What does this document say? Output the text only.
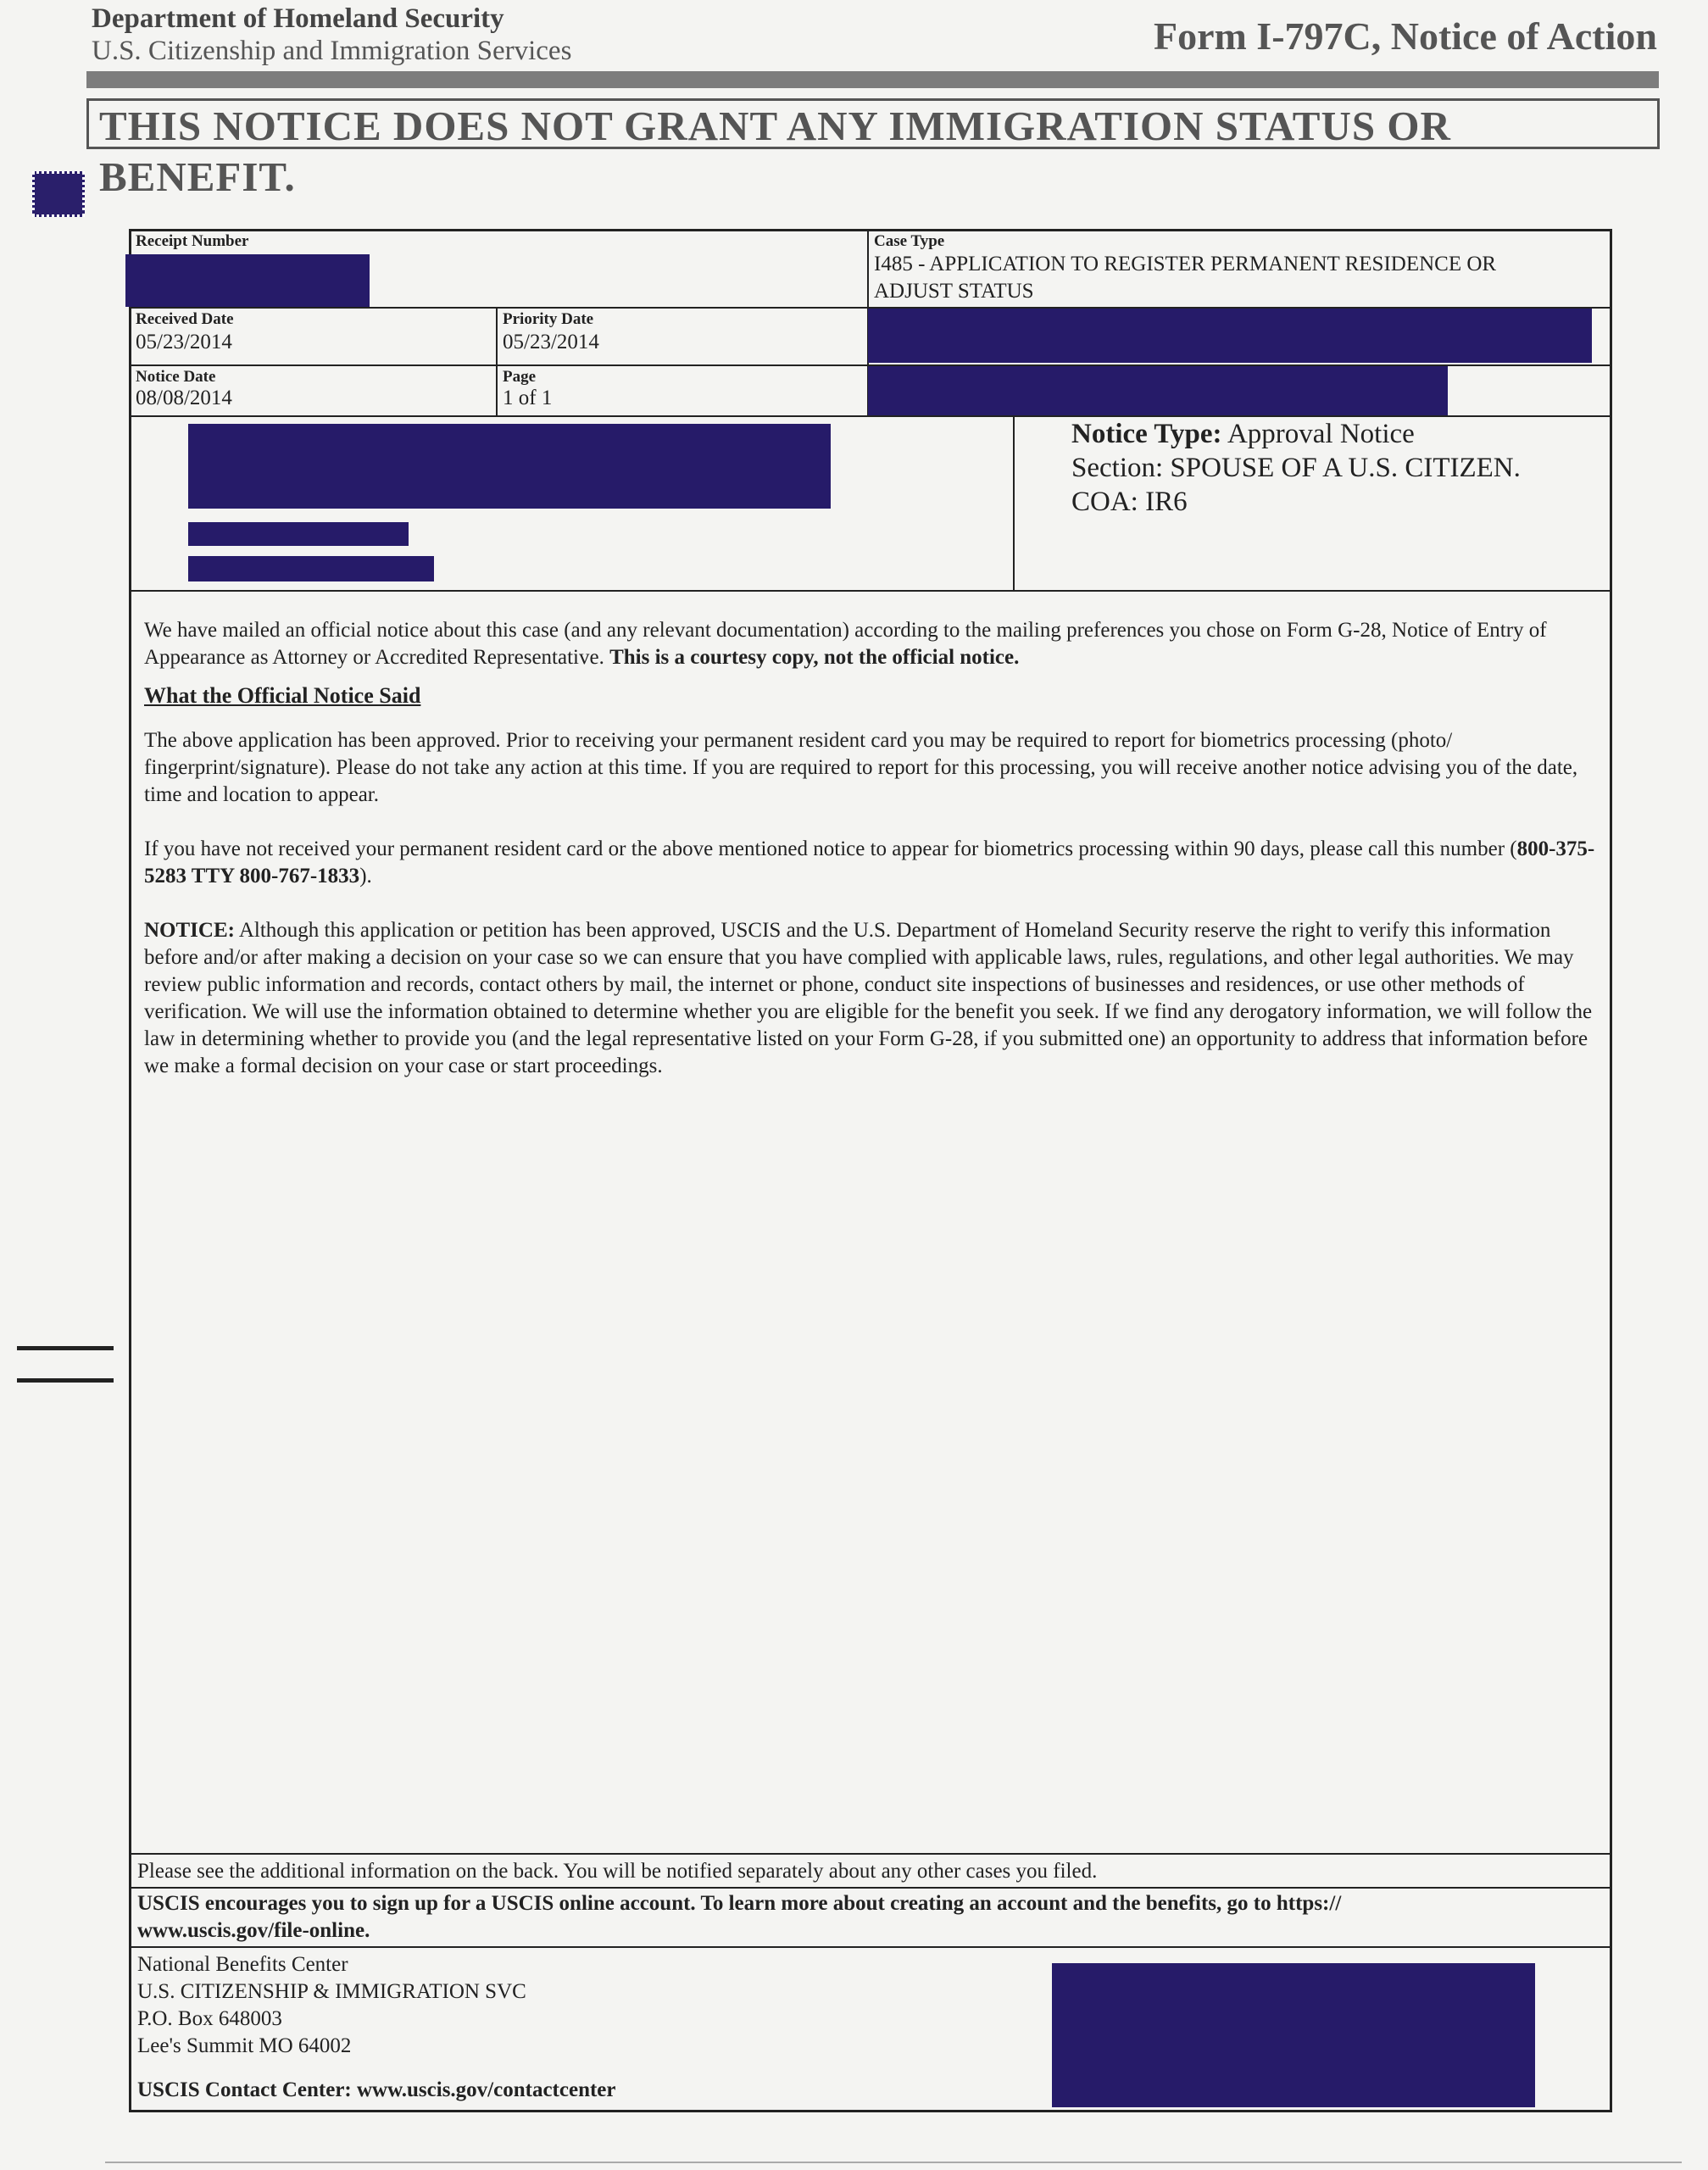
Department of Homeland Security
U.S. Citizenship and Immigration Services	Form I-797C, Notice of Action
THIS NOTICE DOES NOT GRANT ANY IMMIGRATION STATUS OR BENEFIT.
Receipt Number	Case Type
I485 - APPLICATION TO REGISTER PERMANENT RESIDENCE OR
ADJUST STATUS
Received Date
05/23/2014
Priority Date
05/23/2014
Notice Date
08/08/2014
Page
1 of 1
Notice Type: Approval Notice
Section: SPOUSE OF A U.S. CITIZEN.
COA: IR6
We have mailed an official notice about this case (and any relevant documentation) according to the mailing preferences you chose on Form G-28, Notice of Entry of Appearance as Attorney or Accredited Representative. This is a courtesy copy, not the official notice.
What the Official Notice Said
The above application has been approved. Prior to receiving your permanent resident card you may be required to report for biometrics processing (photo/ fingerprint/signature). Please do not take any action at this time. If you are required to report for this processing, you will receive another notice advising you of the date, time and location to appear.
If you have not received your permanent resident card or the above mentioned notice to appear for biometrics processing within 90 days, please call this number (800-375-5283 TTY 800-767-1833).
NOTICE: Although this application or petition has been approved, USCIS and the U.S. Department of Homeland Security reserve the right to verify this information before and/or after making a decision on your case so we can ensure that you have complied with applicable laws, rules, regulations, and other legal authorities. We may review public information and records, contact others by mail, the internet or phone, conduct site inspections of businesses and residences, or use other methods of verification. We will use the information obtained to determine whether you are eligible for the benefit you seek. If we find any derogatory information, we will follow the law in determining whether to provide you (and the legal representative listed on your Form G-28, if you submitted one) an opportunity to address that information before we make a formal decision on your case or start proceedings.
Please see the additional information on the back. You will be notified separately about any other cases you filed.
USCIS encourages you to sign up for a USCIS online account. To learn more about creating an account and the benefits, go to https://
www.uscis.gov/file-online.
National Benefits Center
U.S. CITIZENSHIP & IMMIGRATION SVC
P.O. Box 648003
Lee's Summit MO 64002
USCIS Contact Center: www.uscis.gov/contactcenter
